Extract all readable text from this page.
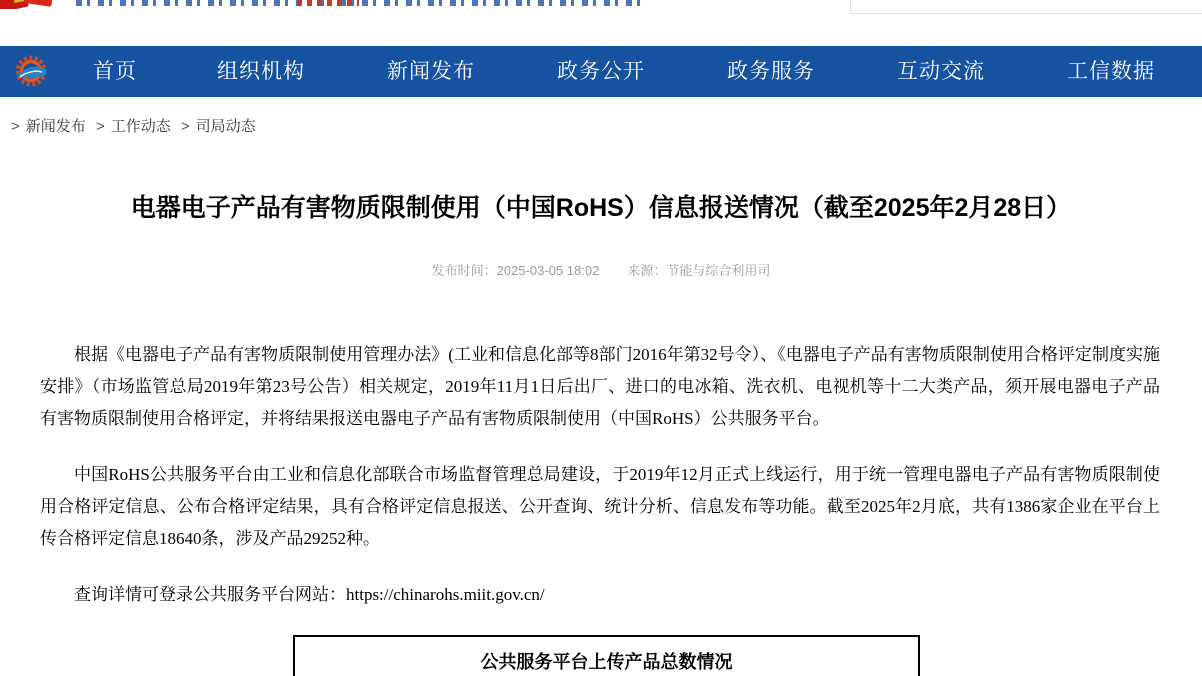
首页	组织机构	新闻发布	政务公开	政务服务	互动交流	工信数据
> 新闻发布 > 工作动态 > 司局动态
电器电子产品有害物质限制使用（中国RoHS）信息报送情况（截至2025年2月28日）
发布时间：2025-03-05 18:02 来源：节能与综合利用司

根据《电器电子产品有害物质限制使用管理办法》(工业和信息化部等8部门2016年第32号令）、《电器电子产品有害物质限制使用合格评定制度实施安排》（市场监管总局2019年第23号公告）相关规定，2019年11月1日后出厂、进口的电冰箱、洗衣机、电视机等十二大类产品，须开展电器电子产品有害物质限制使用合格评定，并将结果报送电器电子产品有害物质限制使用（中国RoHS）公共服务平台。

中国RoHS公共服务平台由工业和信息化部联合市场监督管理总局建设，于2019年12月正式上线运行，用于统一管理电器电子产品有害物质限制使用合格评定信息、公布合格评定结果，具有合格评定信息报送、公开查询、统计分析、信息发布等功能。截至2025年2月底，共有1386家企业在平台上传合格评定信息18640条，涉及产品29252种。

查询详情可登录公共服务平台网站：https://chinarohs.miit.gov.cn/

公共服务平台上传产品总数情况
